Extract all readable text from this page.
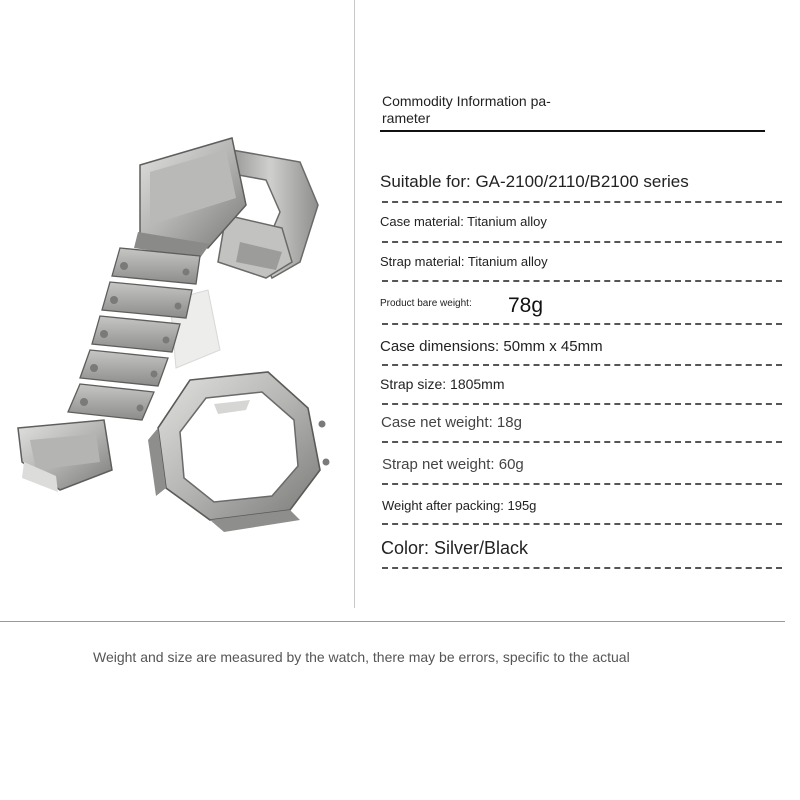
Commodity Information pa-
rameter
Suitable for: GA-2100/2110/B2100 series
Case material: Titanium alloy
Strap material: Titanium alloy
Product bare weight: 78g
Case dimensions: 50mm x 45mm
Strap size: 1805mm
Case net weight: 18g
Strap net weight: 60g
Weight after packing: 195g
Color: Silver/Black
Weight and size are measured by the watch, there may be errors, specific to the actual
